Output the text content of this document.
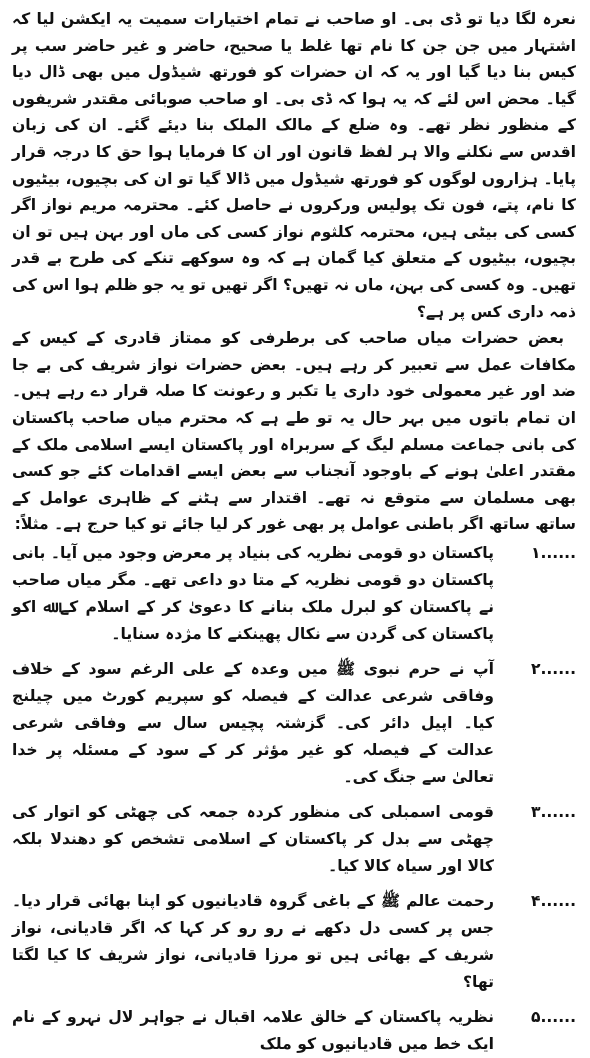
نعرہ لگا دیا تو ڈی بی۔ او صاحب نے تمام اختیارات سمیت یہ ایکشن لیا کہ اشتہار میں جن جن کا نام تھا غلط یا صحیح، حاضر و غیر حاضر سب پر کیس بنا دیا گیا اور یہ کہ ان حضرات کو فورتھ شیڈول میں بھی ڈال دیا گیا۔ محض اس لئے کہ یہ ہوا کہ ڈی بی۔ او صاحب صوبائی مقتدر شریفوں کے منظور نظر تھے۔ وہ ضلع کے مالک الملک بنا دیئے گئے۔ ان کی زبان اقدس سے نکلنے والا ہر لفظ قانون اور ان کا فرمایا ہوا حق کا درجہ قرار پایا۔ ہزاروں لوگوں کو فورتھ شیڈول میں ڈالا گیا تو ان کی بچیوں، بیٹیوں کا نام، پتے، فون تک پولیس ورکروں نے حاصل کئے۔ محترمہ مریم نواز اگر کسی کی بیٹی ہیں، محترمہ کلثوم نواز کسی کی ماں اور بہن ہیں تو ان بچیوں، بیٹیوں کے متعلق کیا گمان ہے کہ وہ سوکھے تنکے کی طرح بے قدر تھیں۔ وہ کسی کی بہن، ماں نہ تھیں؟ اگر تھیں تو یہ جو ظلم ہوا اس کی ذمہ داری کس پر ہے؟

بعض حضرات میاں صاحب کی برطرفی کو ممتاز قادری کے کیس کے مکافات عمل سے تعبیر کر رہے ہیں۔ بعض حضرات نواز شریف کی بے جا ضد اور غیر معمولی خود داری یا تکبر و رعونت کا صلہ قرار دے رہے ہیں۔ ان تمام باتوں میں بہر حال یہ تو طے ہے کہ محترم میاں صاحب پاکستان کی بانی جماعت مسلم لیگ کے سربراہ اور پاکستان ایسے اسلامی ملک کے مقتدر اعلیٰ ہونے کے باوجود آنجناب سے بعض ایسے اقدامات کئے جو کسی بھی مسلمان سے متوقع نہ تھے۔ اقتدار سے ہٹنے کے ظاہری عوامل کے ساتھ ساتھ اگر باطنی عوامل پر بھی غور کر لیا جائے تو کیا حرج ہے۔ مثلاً:

۱......
پاکستان دو قومی نظریہ کی بنیاد پر معرض وجود میں آیا۔ بانی پاکستان دو قومی نظریہ کے متا دو داعی تھے۔ مگر میاں صاحب نے پاکستان کو لبرل ملک بنانے کا دعویٰ کر کے اسلام کے ﷲ اکو پاکستان کی گردن سے نکال پھینکنے کا مژدہ سنایا۔
۲......
آپ نے حرم نبوی ﷺ میں وعدہ کے علی الرغم سود کے خلاف وفاقی شرعی عدالت کے فیصلہ کو سپریم کورٹ میں چیلنج کیا۔ اپیل دائر کی۔ گزشتہ پچیس سال سے وفاقی شرعی عدالت کے فیصلہ کو غیر مؤثر کر کے سود کے مسئلہ پر خدا تعالیٰ سے جنگ کی۔
۳......
قومی اسمبلی کی منظور کردہ جمعہ کی چھٹی کو اتوار کی چھٹی سے بدل کر پاکستان کے اسلامی تشخص کو دھندلا بلکہ کالا اور سیاہ کالا کیا۔
۴......
رحمت عالم ﷺ کے باغی گروہ قادیانیوں کو اپنا بھائی قرار دیا۔ جس پر کسی دل دکھے نے رو رو کر کہا کہ اگر قادیانی، نواز شریف کے بھائی ہیں تو مرزا قادیانی، نواز شریف کا کیا لگتا تھا؟
۵......
نظریہ پاکستان کے خالق علامہ اقبال نے جواہر لال نہرو کے نام ایک خط میں قادیانیوں کو ملک
